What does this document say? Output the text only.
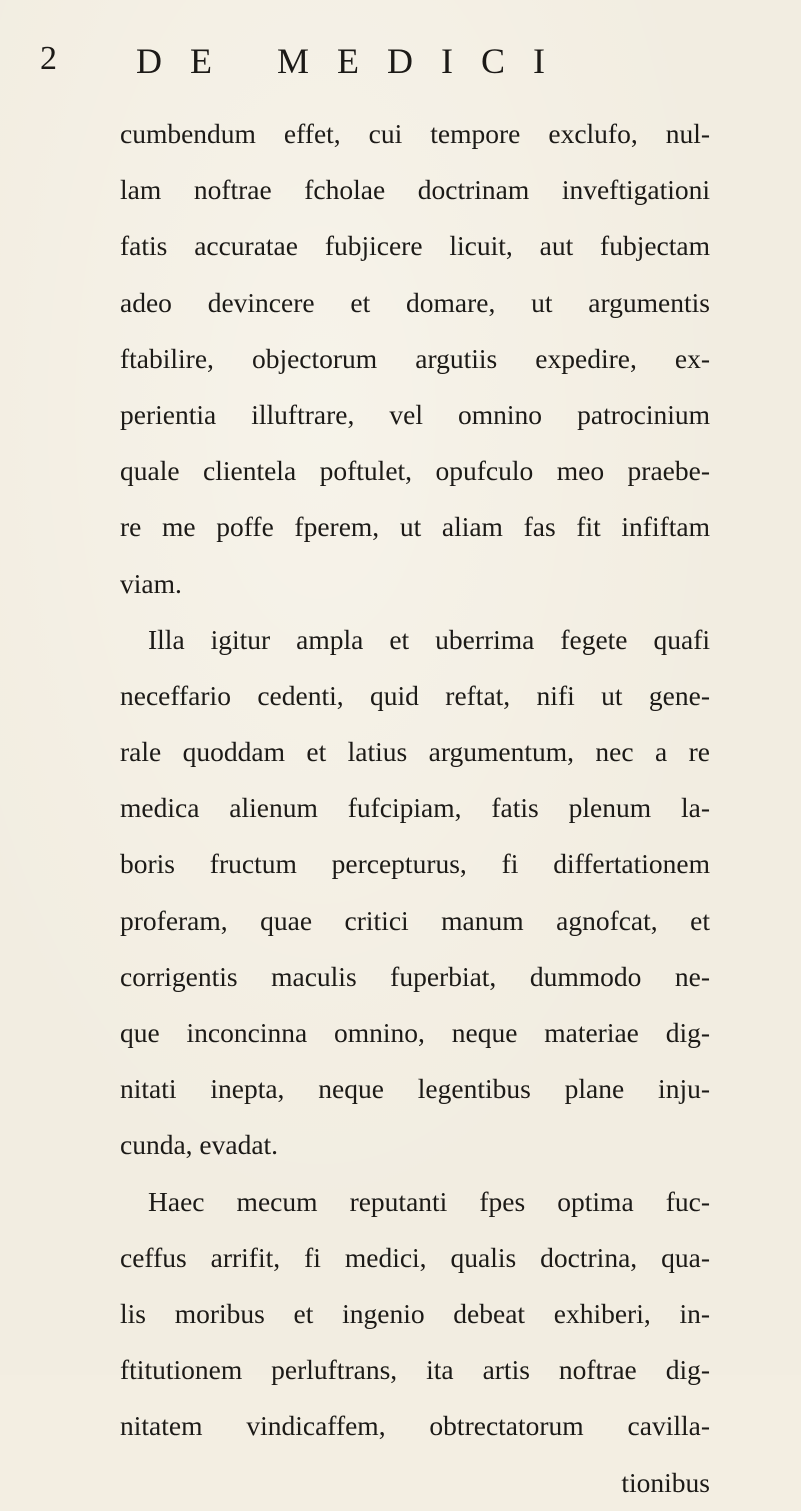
2 DE MEDICI
cumbendum effet, cui tempore exclufo, nul-
lam noftrae fcholae doctrinam inveftigationi
fatis accuratae fubjicere licuit, aut fubjectam
adeo devincere et domare, ut argumentis
ftabilire, objectorum argutiis expedire, ex-
perientia illuftrare, vel omnino patrocinium
quale clientela poftulet, opufculo meo praebe-
re me poffe fperem, ut aliam fas fit infiftam
viam.
Illa igitur ampla et uberrima fegete quafi
neceffario cedenti, quid reftat, nifi ut gene-
rale quoddam et latius argumentum, nec a re
medica alienum fufcipiam, fatis plenum la-
boris fructum percepturus, fi differtationem
proferam, quae critici manum agnofcat, et
corrigentis maculis fuperbiat, dummodo ne-
que inconcinna omnino, neque materiae dig-
nitati inepta, neque legentibus plane inju-
cunda, evadat.
Haec mecum reputanti fpes optima fuc-
ceffus arrifit, fi medici, qualis doctrina, qua-
lis moribus et ingenio debeat exhiberi, in-
ftitutionem perluftrans, ita artis noftrae dig-
nitatem vindicaffem, obtrectatorum cavilla-
tionibus
